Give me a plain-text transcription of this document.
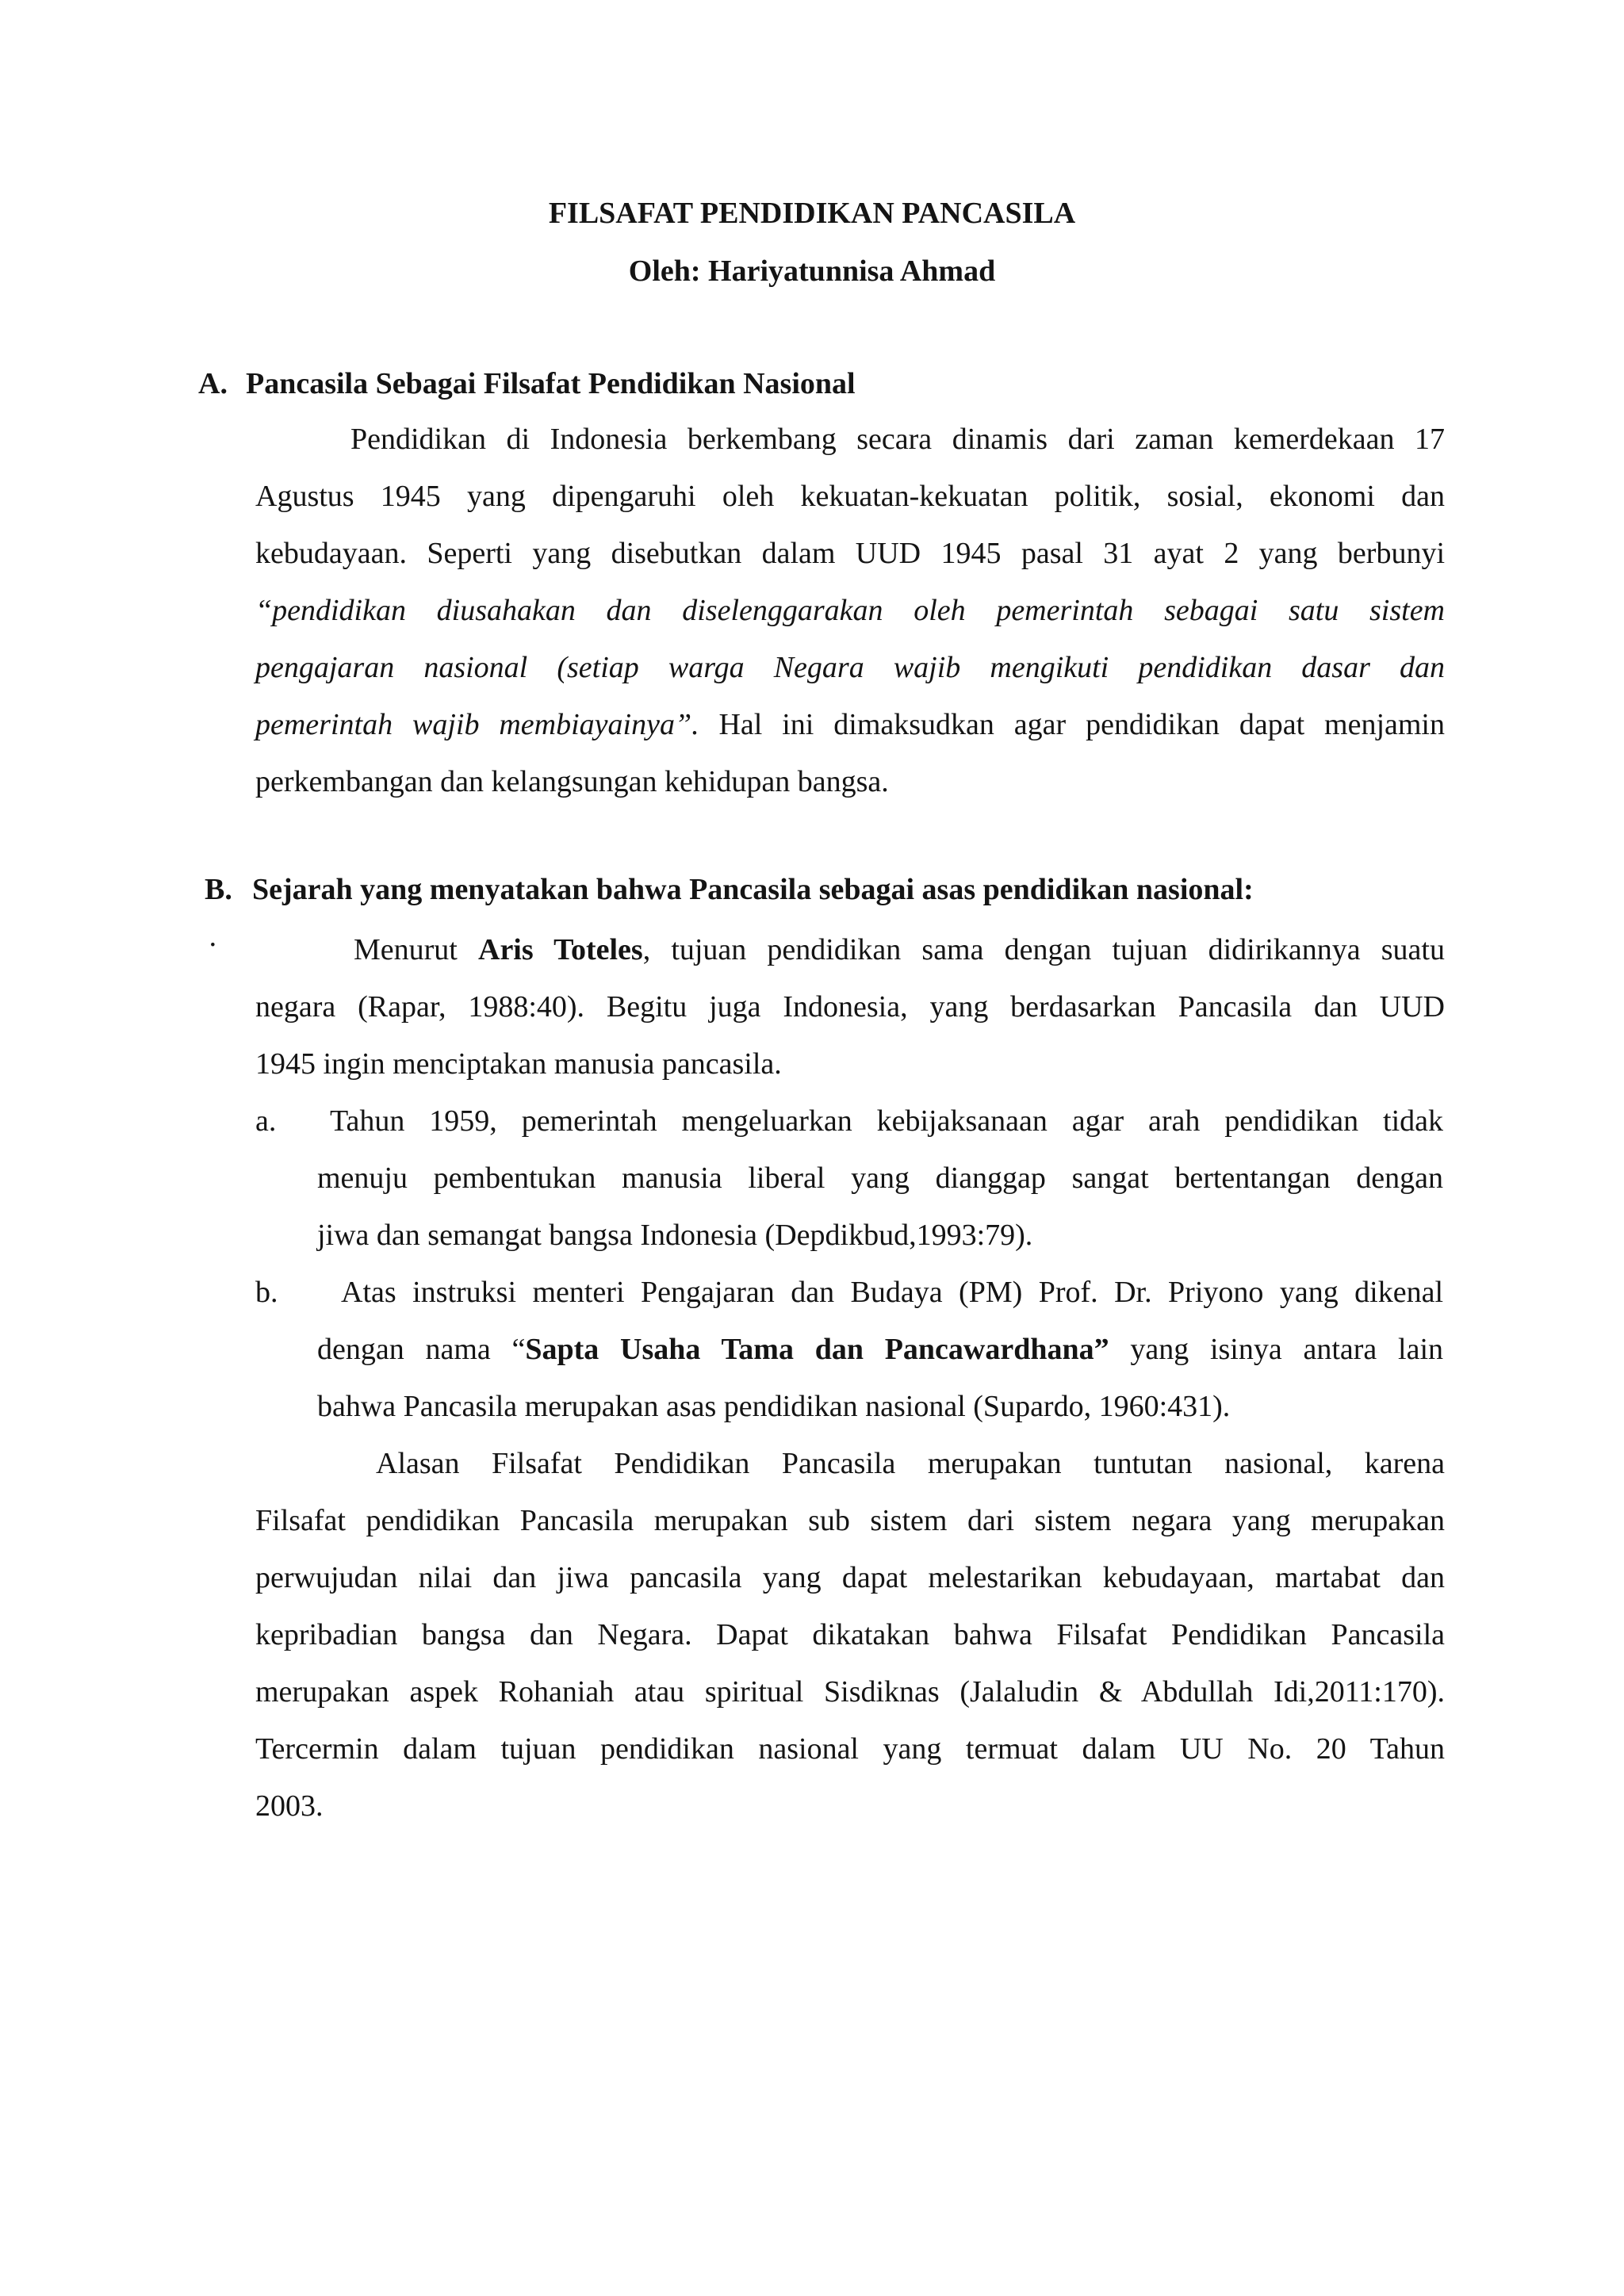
FILSAFAT PENDIDIKAN PANCASILA
Oleh: Hariyatunnisa Ahmad
A. Pancasila Sebagai Filsafat Pendidikan Nasional
Pendidikan di Indonesia berkembang secara dinamis dari zaman kemerdekaan 17
Agustus 1945 yang dipengaruhi oleh kekuatan-kekuatan politik, sosial, ekonomi dan
kebudayaan. Seperti yang disebutkan dalam UUD 1945 pasal 31 ayat 2 yang berbunyi
“pendidikan diusahakan dan diselenggarakan oleh pemerintah sebagai satu sistem
pengajaran nasional (setiap warga Negara wajib mengikuti pendidikan dasar dan
pemerintah wajib membiayainya”. Hal ini dimaksudkan agar pendidikan dapat menjamin
perkembangan dan kelangsungan kehidupan bangsa.
B. Sejarah yang menyatakan bahwa Pancasila sebagai asas pendidikan nasional:
·	Menurut Aris Toteles, tujuan pendidikan sama dengan tujuan didirikannya suatu
negara (Rapar, 1988:40). Begitu juga Indonesia, yang berdasarkan Pancasila dan UUD
1945 ingin menciptakan manusia pancasila.
a.	Tahun 1959, pemerintah mengeluarkan kebijaksanaan agar arah pendidikan tidak
menuju pembentukan manusia liberal yang dianggap sangat bertentangan dengan
jiwa dan semangat bangsa Indonesia (Depdikbud,1993:79).
b.	Atas instruksi menteri Pengajaran dan Budaya (PM) Prof. Dr. Priyono yang dikenal
dengan nama “Sapta Usaha Tama dan Pancawardhana” yang isinya antara lain
bahwa Pancasila merupakan asas pendidikan nasional (Supardo, 1960:431).
Alasan Filsafat Pendidikan Pancasila merupakan tuntutan nasional, karena
Filsafat pendidikan Pancasila merupakan sub sistem dari sistem negara yang merupakan
perwujudan nilai dan jiwa pancasila yang dapat melestarikan kebudayaan, martabat dan
kepribadian bangsa dan Negara. Dapat dikatakan bahwa Filsafat Pendidikan Pancasila
merupakan aspek Rohaniah atau spiritual Sisdiknas (Jalaludin & Abdullah Idi,2011:170).
Tercermin dalam tujuan pendidikan nasional yang termuat dalam UU No. 20 Tahun
2003.
